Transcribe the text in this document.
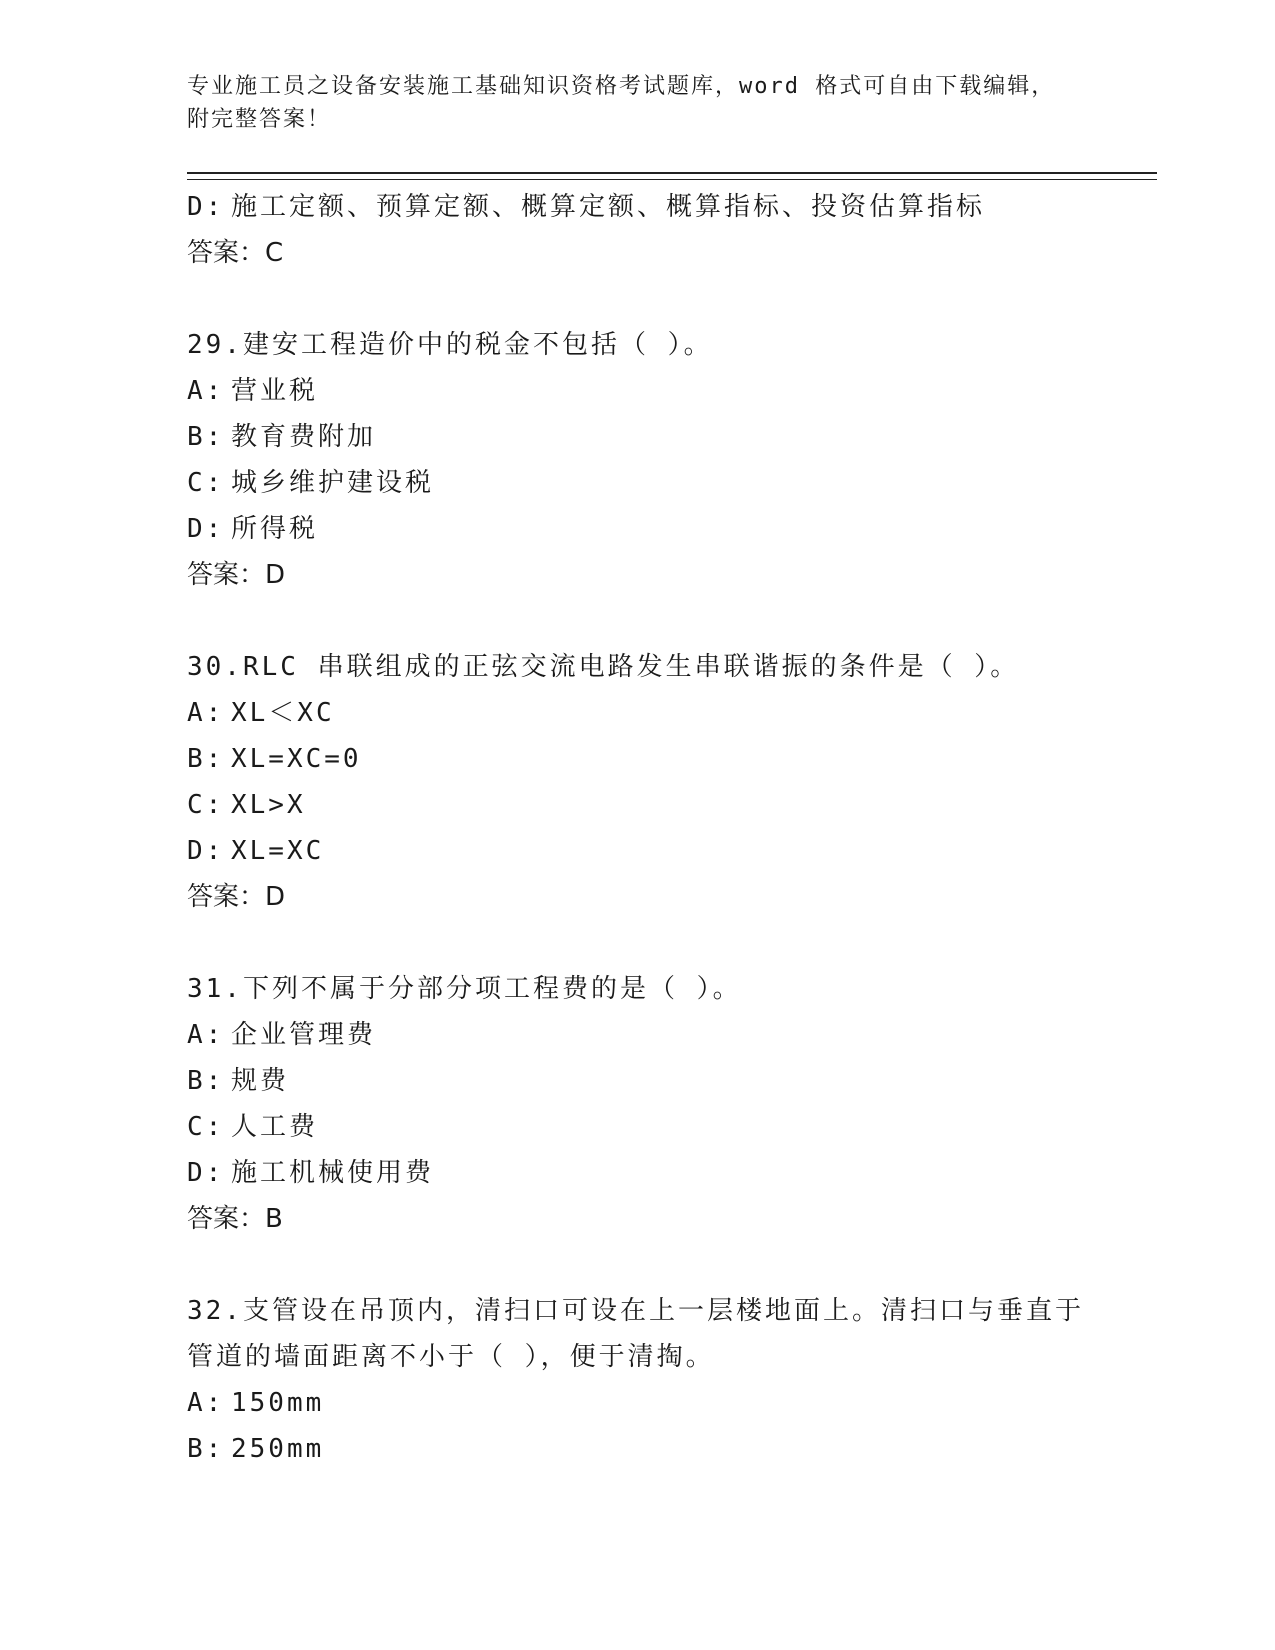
专业施工员之设备安装施工基础知识资格考试题库，word 格式可自由下载编辑，

附完整答案！

D: 施工定额、预算定额、概算定额、概算指标、投资估算指标
答案：C
29.建安工程造价中的税金不包括（ ）。
A: 营业税
B: 教育费附加
C: 城乡维护建设税
D: 所得税
答案：D
30.RLC 串联组成的正弦交流电路发生串联谐振的条件是（ ）。
A: XL＜XC
B: XL=XC=0
C: XL>X
D: XL=XC
答案：D
31.下列不属于分部分项工程费的是（ ）。
A: 企业管理费
B: 规费
C: 人工费
D: 施工机械使用费
答案：B
32.支管设在吊顶内，清扫口可设在上一层楼地面上。清扫口与垂直于
管道的墙面距离不小于（ ），便于清掏。
A: 150mm
B: 250mm
